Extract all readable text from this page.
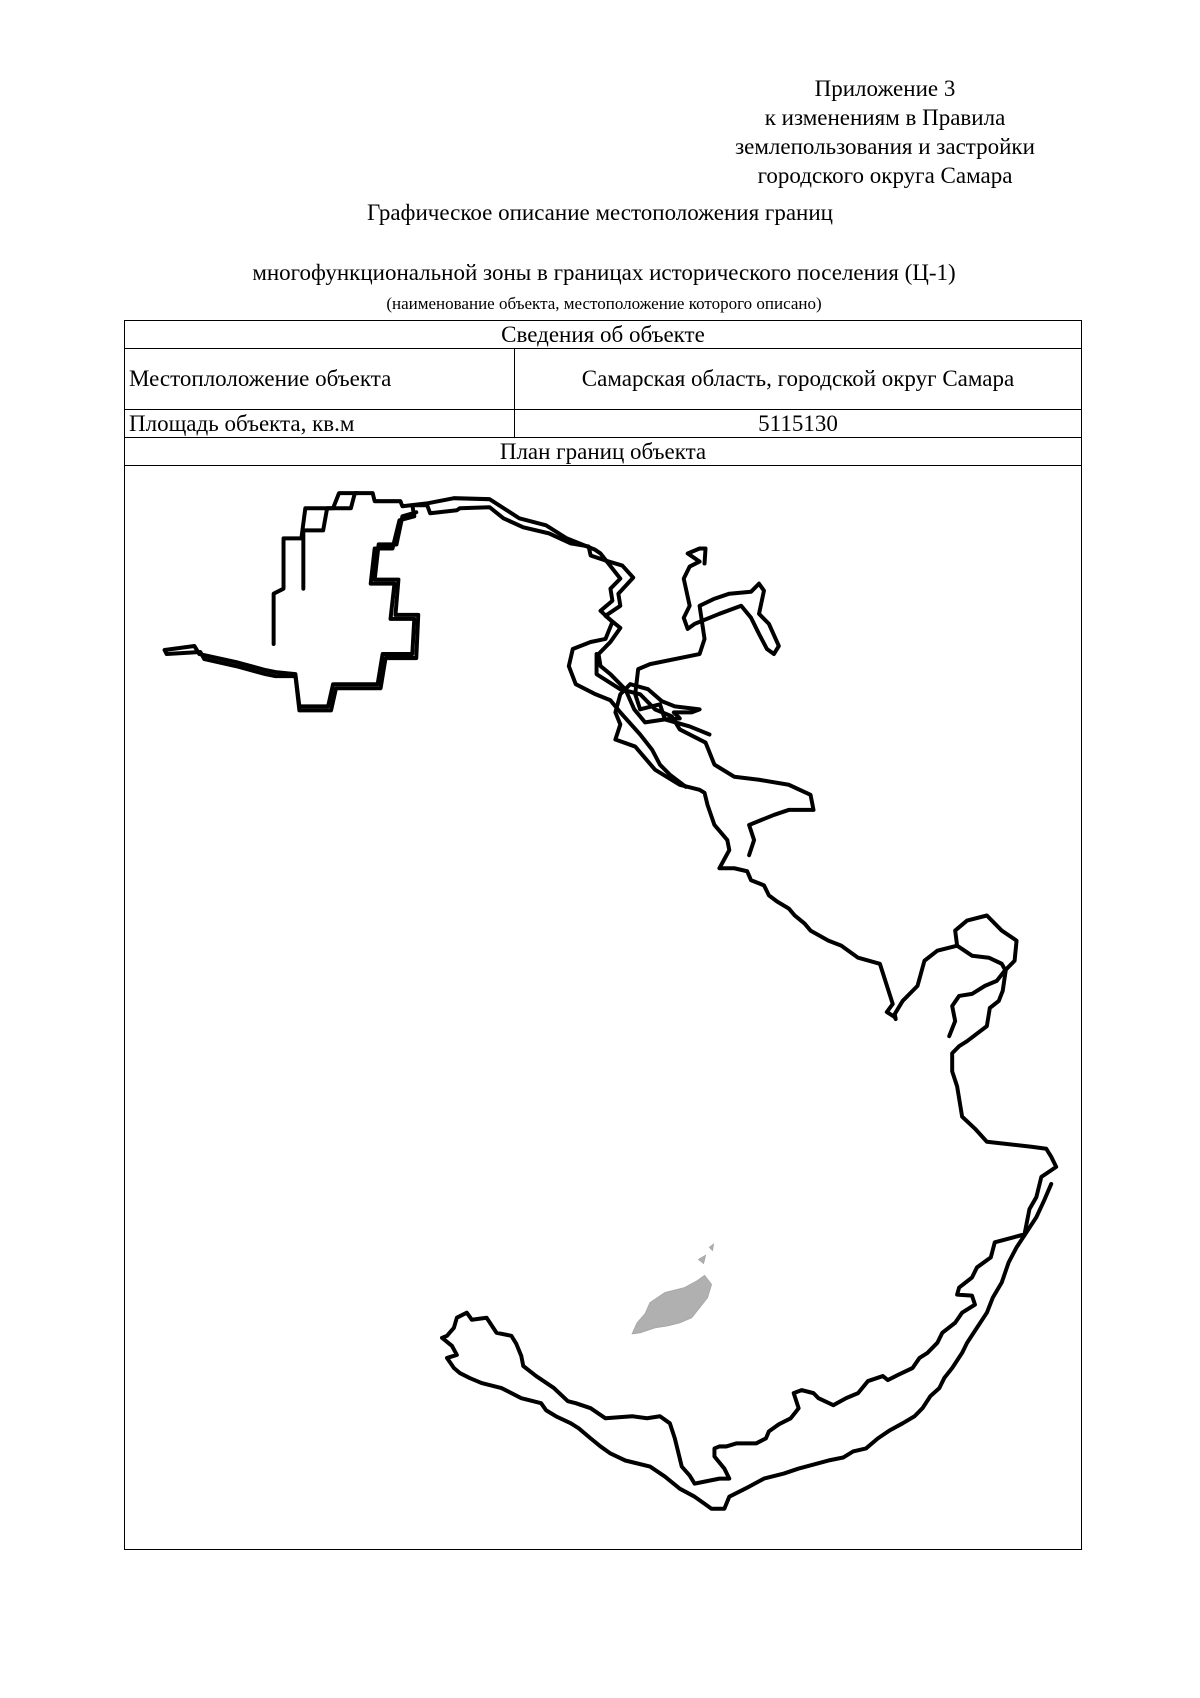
Приложение 3
к изменениям в Правила
землепользования и застройки
городского округа Самара
Графическое описание местоположения границ
многофункциональной зоны в границах исторического поселения (Ц-1)
(наименование объекта, местоположение которого описано)
Сведения об объекте	
Местоплоложение объекта	Самарская область, городской округ Самара
Площадь объекта, кв.м	5115130
План границ объекта	
